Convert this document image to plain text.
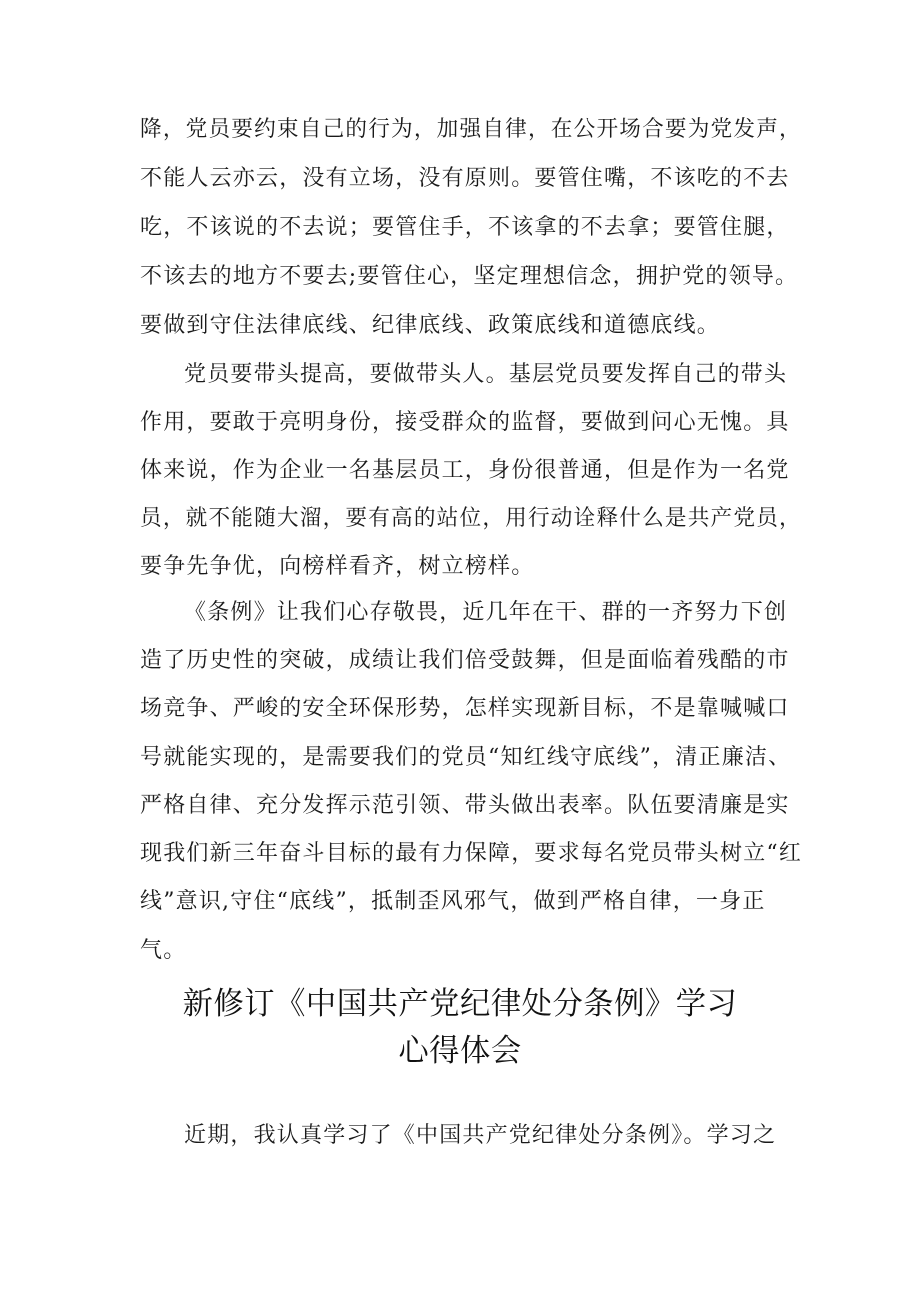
降，党员要约束自己的行为，加强自律，在公开场合要为党发声，
不能人云亦云，没有立场，没有原则。要管住嘴，不该吃的不去
吃，不该说的不去说；要管住手，不该拿的不去拿；要管住腿，
不该去的地方不要去;要管住心，坚定理想信念，拥护党的领导。
要做到守住法律底线、纪律底线、政策底线和道德底线。
党员要带头提高，要做带头人。基层党员要发挥自己的带头
作用，要敢于亮明身份，接受群众的监督，要做到问心无愧。具
体来说，作为企业一名基层员工，身份很普通，但是作为一名党
员，就不能随大溜，要有高的站位，用行动诠释什么是共产党员，
要争先争优，向榜样看齐，树立榜样。
《条例》让我们心存敬畏，近几年在干、群的一齐努力下创
造了历史性的突破，成绩让我们倍受鼓舞，但是面临着残酷的市
场竞争、严峻的安全环保形势，怎样实现新目标，不是靠喊喊口
号就能实现的，是需要我们的党员“知红线守底线”，清正廉洁、
严格自律、充分发挥示范引领、带头做出表率。队伍要清廉是实
现我们新三年奋斗目标的最有力保障，要求每名党员带头树立“红
线”意识,守住“底线”，抵制歪风邪气，做到严格自律，一身正
气。
新修订《中国共产党纪律处分条例》学习
心得体会
近期，我认真学习了《中国共产党纪律处分条例》。学习之
